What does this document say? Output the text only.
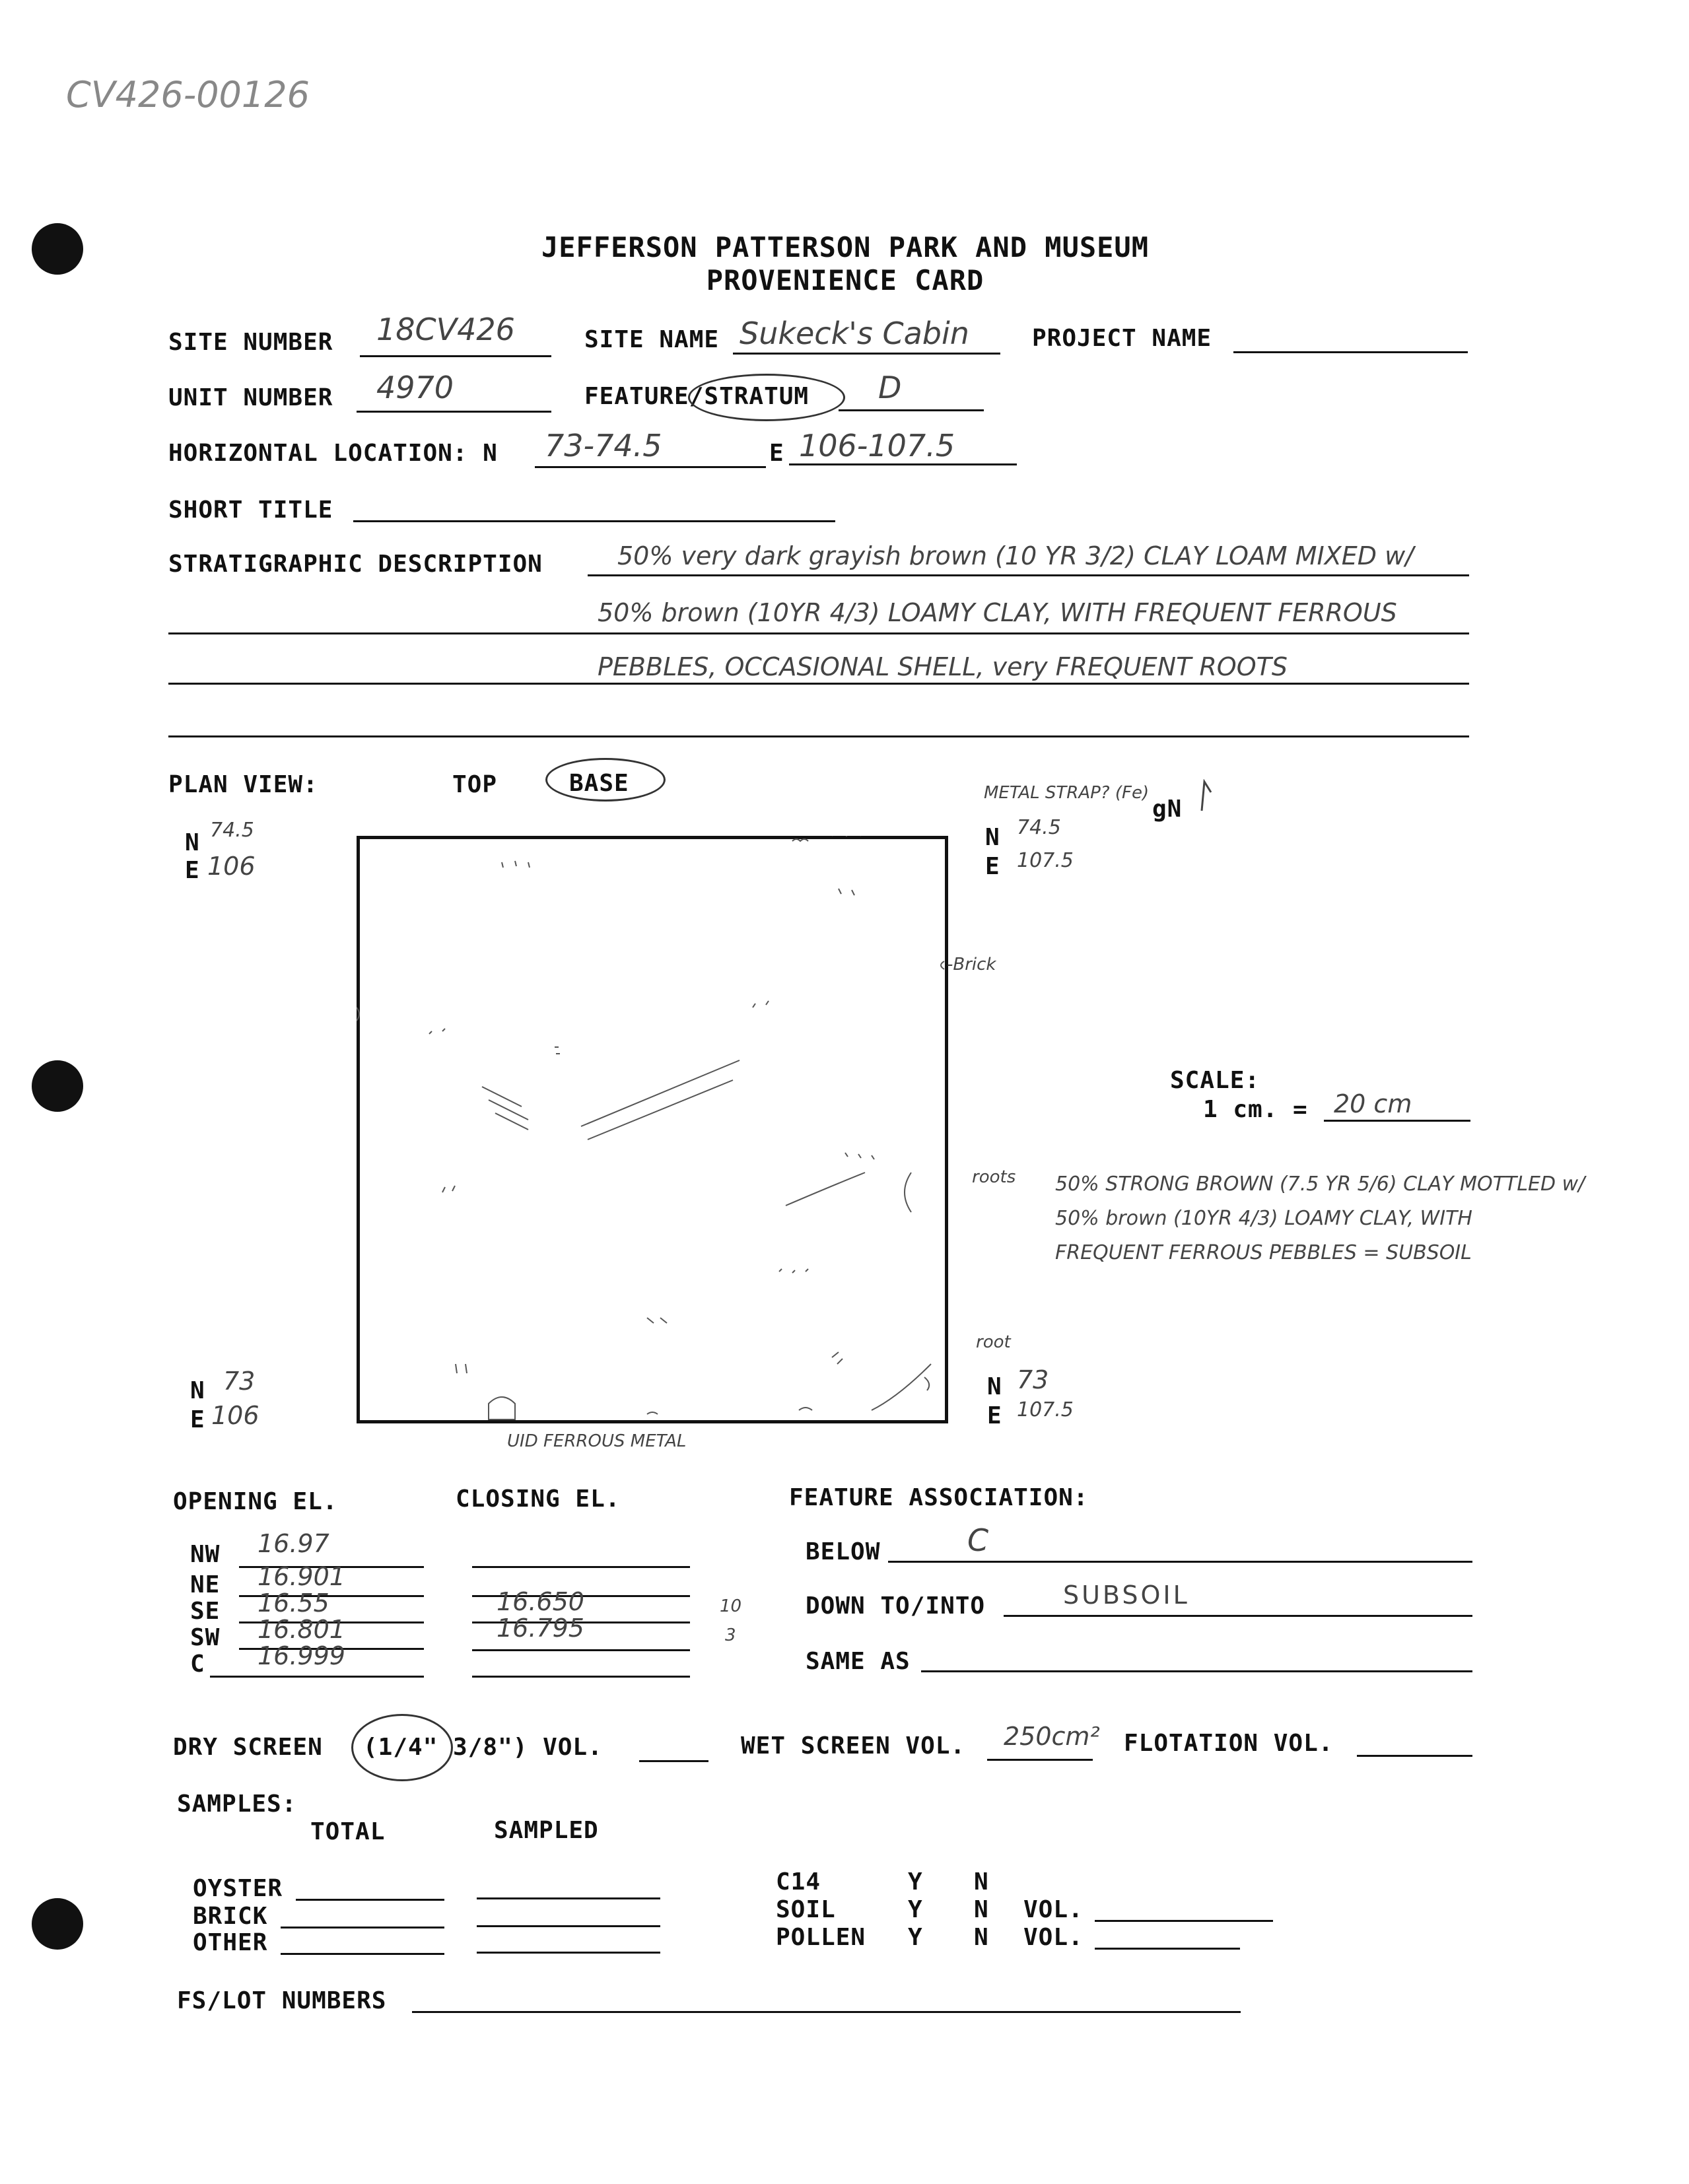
CV426-00126
JEFFERSON PATTERSON PARK AND MUSEUM
PROVENIENCE CARD
SITE NUMBER 18CV426	SITE NAME Sukeck's Cabin	PROJECT NAME
UNIT NUMBER 4970	FEATURE/STRATUM D
HORIZONTAL LOCATION: N 73-74.5	E 106-107.5
SHORT TITLE
STRATIGRAPHIC DESCRIPTION	50% very dark grayish brown (10 YR 3/2) CLAY LOAM MIXED w/
50% brown (10YR 4/3) LOAMY CLAY, WITH FREQUENT FERROUS
PEBBLES, OCCASIONAL SHELL, very FREQUENT ROOTS
PLAN VIEW:	TOP	BASE	METAL STRAP? (Fe)
gN
N 74.5
E 106
N 74.5
E 107.5
-Brick
roots
root
UID FERROUS METAL
N 73
E 106
N 73
E 107.5
SCALE:
1 cm. = 20 cm
50% STRONG BROWN (7.5 YR 5/6) CLAY MOTTLED w/
50% brown (10YR 4/3) LOAMY CLAY, WITH
FREQUENT FERROUS PEBBLES = SUBSOIL
OPENING EL.	CLOSING EL.
NW 16.97
NE 16.901
SE 16.55	16.650	10
SW 16.801	16.795	3
C 16.999
FEATURE ASSOCIATION:
BELOW	C
DOWN TO/INTO	SUBSOIL
SAME AS
DRY SCREEN (1/4" 3/8") VOL.	WET SCREEN VOL. 250cm² FLOTATION VOL.
SAMPLES:
TOTAL	SAMPLED
OYSTER
BRICK
OTHER
C14	Y N
SOIL	Y N VOL.
POLLEN Y N VOL.
FS/LOT NUMBERS
